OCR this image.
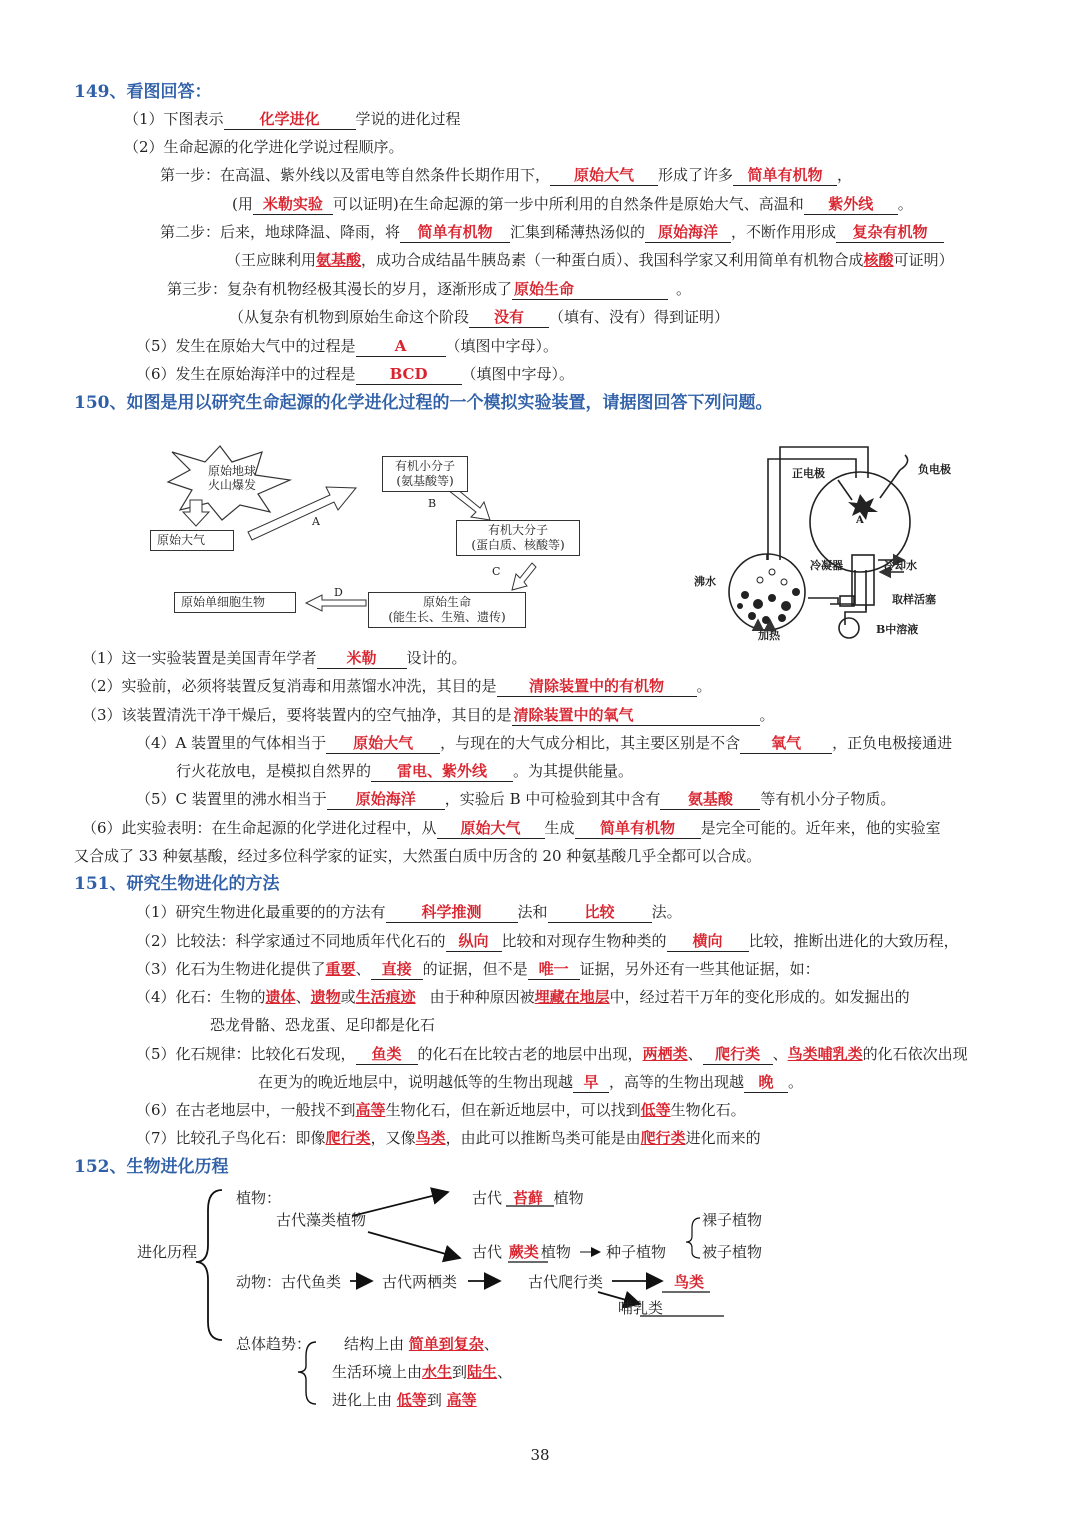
149、看图回答：
（1）下图表示 化学进化 学说的进化过程
（2）生命起源的化学进化学说过程顺序。
第一步：在高温、紫外线以及雷电等自然条件长期作用下， 原始大气 形成了许多 简单有机物 ，
(用 米勒实验 可以证明)在生命起源的第一步中所利用的自然条件是原始大气、高温和 紫外线 。
第二步：后来，地球降温、降雨，将 简单有机物 汇集到稀薄热汤似的 原始海洋 ，不断作用形成 复杂有机物
（王应睐利用氨基酸，成功合成结晶牛胰岛素（一种蛋白质）、我国科学家又利用简单有机物合成核酸可证明）
第三步：复杂有机物经极其漫长的岁月，逐渐形成了 原始生命	。
（从复杂有机物到原始生命这个阶段 没有 （填有、没有）得到证明）
（5）发生在原始大气中的过程是	A	（填图中字母）。
（6）发生在原始海洋中的过程是 BCD （填图中字母）。
150、如图是用以研究生命起源的化学进化过程的一个模拟实验装置，请据图回答下列问题。
原始地球
火山爆发
原始大气
A
有机小分子
(氨基酸等)
B
有机大分子
(蛋白质、核酸等)
C
原始生命
(能生长、生殖、遗传)
D
原始单细胞生物
正电极	负电极
A
冷凝器	冷却水
沸水
取样活塞
B中溶液
加热
（1）这一实验装置是美国青年学者 米勒 设计的。
（2）实验前，必须将装置反复消毒和用蒸馏水冲洗，其目的是 清除装置中的有机物 。
（3）该装置清洗干净干燥后，要将装置内的空气抽净，其目的是 清除装置中的氧气	。
（4）A 装置里的气体相当于 原始大气 ，与现在的大气成分相比，其主要区别是不含 氧气 ，正负电极接通进
行火花放电，是模拟自然界的 雷电、紫外线 。为其提供能量。
（5）C 装置里的沸水相当于 原始海洋 ，实验后 B 中可检验到其中含有 氨基酸 等有机小分子物质。
（6）此实验表明：在生命起源的化学进化过程中，从 原始大气 生成 简单有机物 是完全可能的。近年来，他的实验室
又合成了 33 种氨基酸，经过多位科学家的证实，大然蛋白质中历含的 20 种氨基酸几乎全都可以合成。
151、研究生物进化的方法
（1）研究生物进化最重要的的方法有 科学推测 法和 比较 法。
（2）比较法：科学家通过不同地质年代化石的 纵向 比较和对现存生物种类的 横向 比较，推断出进化的大致历程，
（3）化石为生物进化提供了重要、 直接 的证据，但不是 唯一 证据，另外还有一些其他证据，如：
（4）化石：生物的遗体、遗物或生活痕迹 由于种种原因被埋藏在地层中，经过若干万年的变化形成的。如发掘出的
恐龙骨骼、恐龙蛋、足印都是化石
（5）化石规律：比较化石发现， 鱼类 的化石在比较古老的地层中出现，两栖类、 爬行类 、鸟类哺乳类的化石依次出现
在更为的晚近地层中，说明越低等的生物出现越 早 ，高等的生物出现越 晚 。
（6）在古老地层中，一般找不到高等生物化石，但在新近地层中，可以找到低等生物化石。
（7）比较孔子鸟化石：即像爬行类，又像鸟类，由此可以推断鸟类可能是由爬行类进化而来的
152、生物进化历程
进化历程
植物：
古代藻类植物
古代 苔藓 植物
古代 蕨类 植物 种子植物
裸子植物
被子植物
动物：古代鱼类	古代两栖类	古代爬行类	鸟类
哺乳类
总体趋势： 结构上由 简单到复杂、
生活环境上由水生到陆生、
进化上由 低等到 高等
38
